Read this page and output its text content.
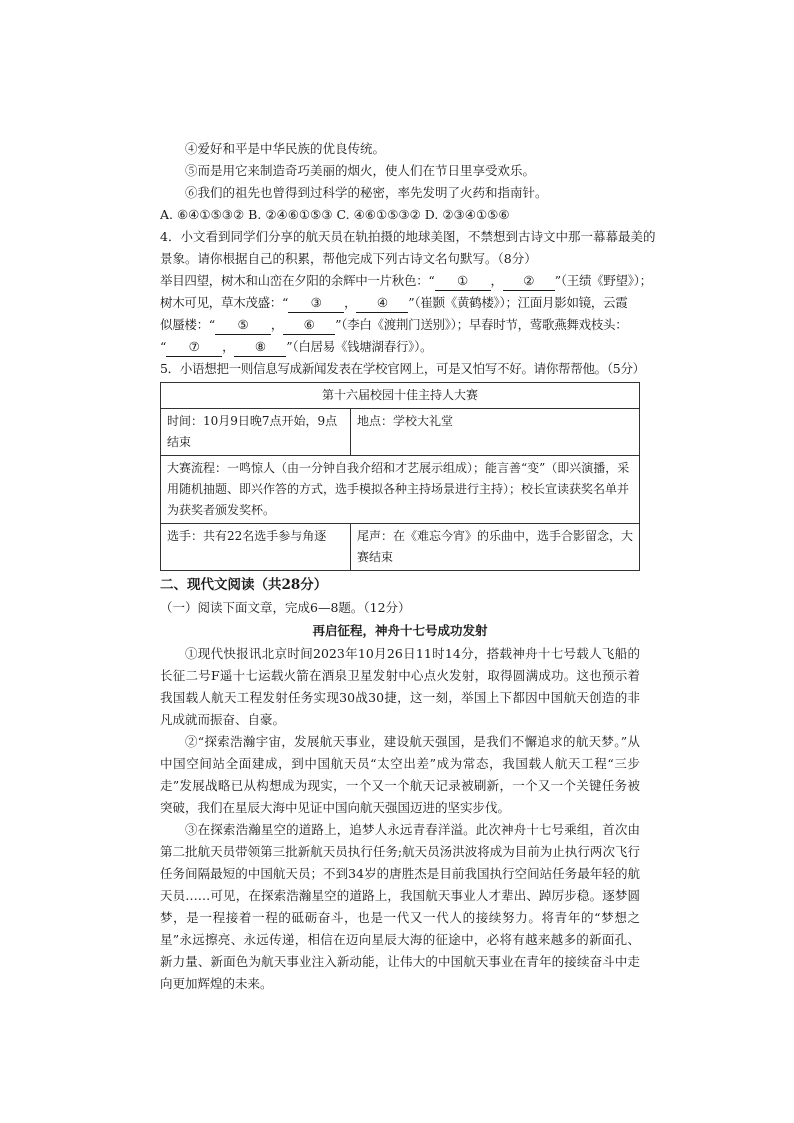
④爱好和平是中华民族的优良传统。
⑤而是用它来制造奇巧美丽的烟火，使人们在节日里享受欢乐。
⑥我们的祖先也曾得到过科学的秘密，率先发明了火药和指南针。
A. ⑥④①⑤③② B. ②④⑥①⑤③ C. ④⑥①⑤③② D. ②③④①⑤⑥
4．小文看到同学们分享的航天员在轨拍摄的地球美图，不禁想到古诗文中那一幕幕最美的
景象。请你根据自己的积累，帮他完成下列古诗文名句默写。（8分）
举目四望，树木和山峦在夕阳的余辉中一片秋色：“ ① ， ② ”（王绩《野望》）；
树木可见，草木茂盛：“ ③ ， ④ ”（崔颢《黄鹤楼》）；江面月影如镜，云霞
似蜃楼：“ ⑤ ， ⑥ ”（李白《渡荆门送别》）；早春时节，莺歌燕舞戏枝头：
“ ⑦ ， ⑧ ”（白居易《钱塘湖春行》）。
5．小语想把一则信息写成新闻发表在学校官网上，可是又怕写不好。请你帮帮他。（5分）
第十六届校园十佳主持人大赛	
时间：10月9日晚7点开始，9点结束	地点：学校大礼堂
大赛流程：一鸣惊人（由一分钟自我介绍和才艺展示组成）；能言善“变”（即兴演播，采用随机抽题、即兴作答的方式，选手模拟各种主持场景进行主持）；校长宣读获奖名单并为获奖者颁发奖杯。	
选手：共有22名选手参与角逐	尾声：在《难忘今宵》的乐曲中，选手合影留念，大赛结束
二、现代文阅读（共28分）
（一）阅读下面文章，完成6—8题。（12分）
再启征程，神舟十七号成功发射
①现代快报讯北京时间2023年10月26日11时14分，搭载神舟十七号载人飞船的长征二号F遥十七运载火箭在酒泉卫星发射中心点火发射，取得圆满成功。这也预示着我国载人航天工程发射任务实现30战30捷，这一刻，举国上下都因中国航天创造的非凡成就而振奋、自豪。
②“探索浩瀚宇宙，发展航天事业，建设航天强国，是我们不懈追求的航天梦。”从中国空间站全面建成，到中国航天员“太空出差”成为常态，我国载人航天工程“三步走”发展战略已从构想成为现实，一个又一个航天记录被刷新，一个又一个关键任务被突破，我们在星辰大海中见证中国向航天强国迈进的坚实步伐。
③在探索浩瀚星空的道路上，追梦人永远青春洋溢。此次神舟十七号乘组，首次由第二批航天员带领第三批新航天员执行任务;航天员汤洪波将成为目前为止执行两次飞行任务间隔最短的中国航天员；不到34岁的唐胜杰是目前我国执行空间站任务最年轻的航天员……可见，在探索浩瀚星空的道路上，我国航天事业人才辈出、踔厉步稳。逐梦圆梦，是一程接着一程的砥砺奋斗，也是一代又一代人的接续努力。将青年的“梦想之星”永远擦亮、永远传递，相信在迈向星辰大海的征途中，必将有越来越多的新面孔、新力量、新面色为航天事业注入新动能，让伟大的中国航天事业在青年的接续奋斗中走向更加辉煌的未来。
